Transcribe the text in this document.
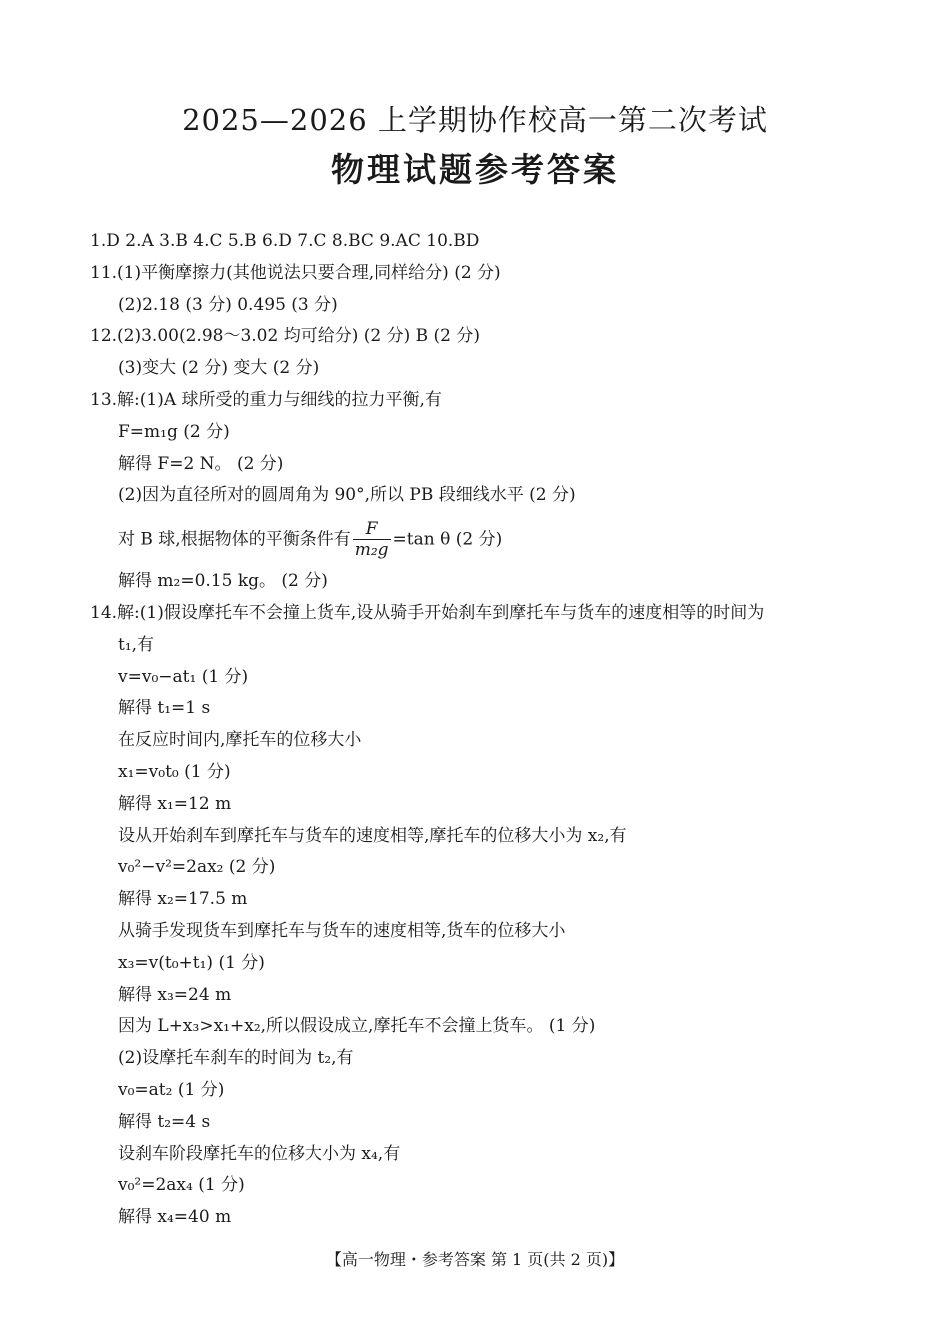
2025—2026 上学期协作校高一第二次考试
物理试题参考答案
1.D 2.A 3.B 4.C 5.B 6.D 7.C 8.BC 9.AC 10.BD
11.(1)平衡摩擦力(其他说法只要合理,同样给分) (2 分)
(2)2.18 (3 分) 0.495 (3 分)
12.(2)3.00(2.98～3.02 均可给分) (2 分) B (2 分)
(3)变大 (2 分) 变大 (2 分)
13.解:(1)A 球所受的重力与细线的拉力平衡,有
F=m₁g (2 分)
解得 F=2 N。 (2 分)
(2)因为直径所对的圆周角为 90°,所以 PB 段细线水平 (2 分)
对 B 球,根据物体的平衡条件有 $\frac{F}{\text{m₂g}} =\tan$ θ (2 分)
解得 m₂=0.15 kg。 (2 分)
14.解:(1)假设摩托车不会撞上货车,设从骑手开始刹车到摩托车与货车的速度相等的时间为
t₁,有
v=v₀−at₁ (1 分)
解得 t₁=1 s
在反应时间内,摩托车的位移大小
x₁=v₀t₀ (1 分)
解得 x₁=12 m
设从开始刹车到摩托车与货车的速度相等,摩托车的位移大小为 x₂,有
v₀²−v²=2ax₂ (2 分)
解得 x₂=17.5 m
从骑手发现货车到摩托车与货车的速度相等,货车的位移大小
x₃=v(t₀+t₁) (1 分)
解得 x₃=24 m
因为 L+x₃>x₁+x₂,所以假设成立,摩托车不会撞上货车。 (1 分)
(2)设摩托车刹车的时间为 t₂,有
v₀=at₂ (1 分)
解得 t₂=4 s
设刹车阶段摩托车的位移大小为 x₄,有
v₀²=2ax₄ (1 分)
解得 x₄=40 m
【高一物理・参考答案 第 1 页(共 2 页)】
